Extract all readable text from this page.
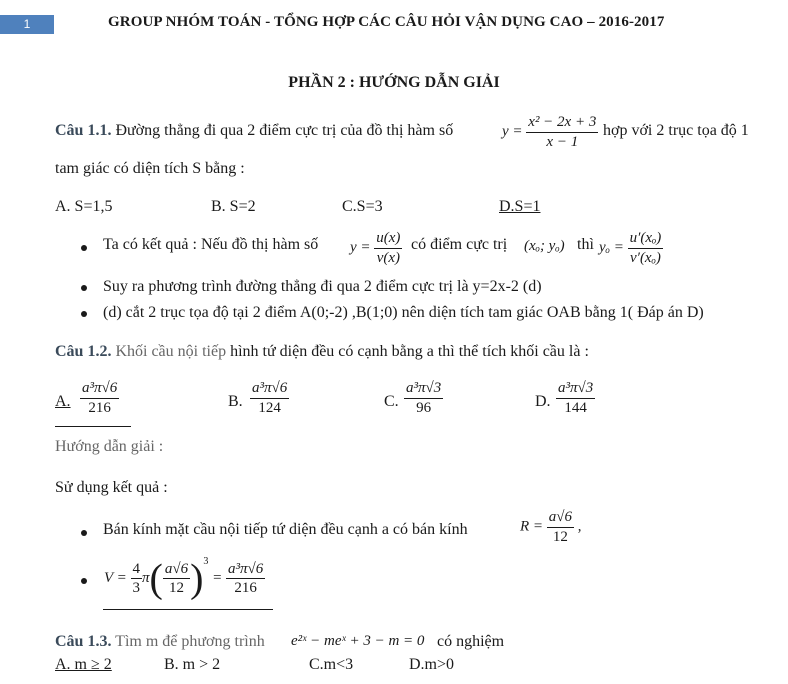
1	GROUP NHÓM TOÁN - TỔNG HỢP CÁC CÂU HỎI VẬN DỤNG CAO – 2016-2017
PHẦN 2 : HƯỚNG DẪN GIẢI
Câu 1.1. Đường thẳng đi qua 2 điểm cực trị của đồ thị hàm số	$y = \frac{\text{x² − 2x + 3}}{x - 1}$ hợp với 2 trục tọa độ 1
tam giác có diện tích S bằng :
A. S=1,5	B. S=2	C.S=3	D.S=1
Ta có kết quả : Nếu đồ thị hàm số $y = \frac{u(x)}{v(x)}$ có điểm cực trị (xₒ; yₒ) thì $y_o = \frac{\text{u′(xₒ)}}{\text{v′(xₒ)}}$
Suy ra phương trình đường thẳng đi qua 2 điểm cực trị là y=2x-2 (d)
(d) cắt 2 trục tọa độ tại 2 điểm A(0;-2) ,B(1;0) nên diện tích tam giác OAB bằng 1( Đáp án D)
Câu 1.2. Khối cầu nội tiếp hình tứ diện đều có cạnh bằng a thì thể tích khối cầu là :
A. $\frac{\text{a³π√6}}{216}$	B. $\frac{\text{a³π√6}}{124}$	C. $\frac{\text{a³π√3}}{96}$	D. $\frac{\text{a³π√3}}{144}$
Hướng dẫn giải :
Sử dụng kết quả :
Bán kính mặt cầu nội tiếp tứ diện đều cạnh a có bán kính	$R = \frac{a√6}{12}$ ,
$V = \frac{4}{3} \pi( \frac{a√6}{12} )^3 = \frac{\text{a³π√6}}{216}$
Câu 1.3. Tìm m để phương trình e²ˣ − meˣ + 3 − m = 0 có nghiệm
A. m ≥ 2	B. m > 2	C.m<3	D.m>0
